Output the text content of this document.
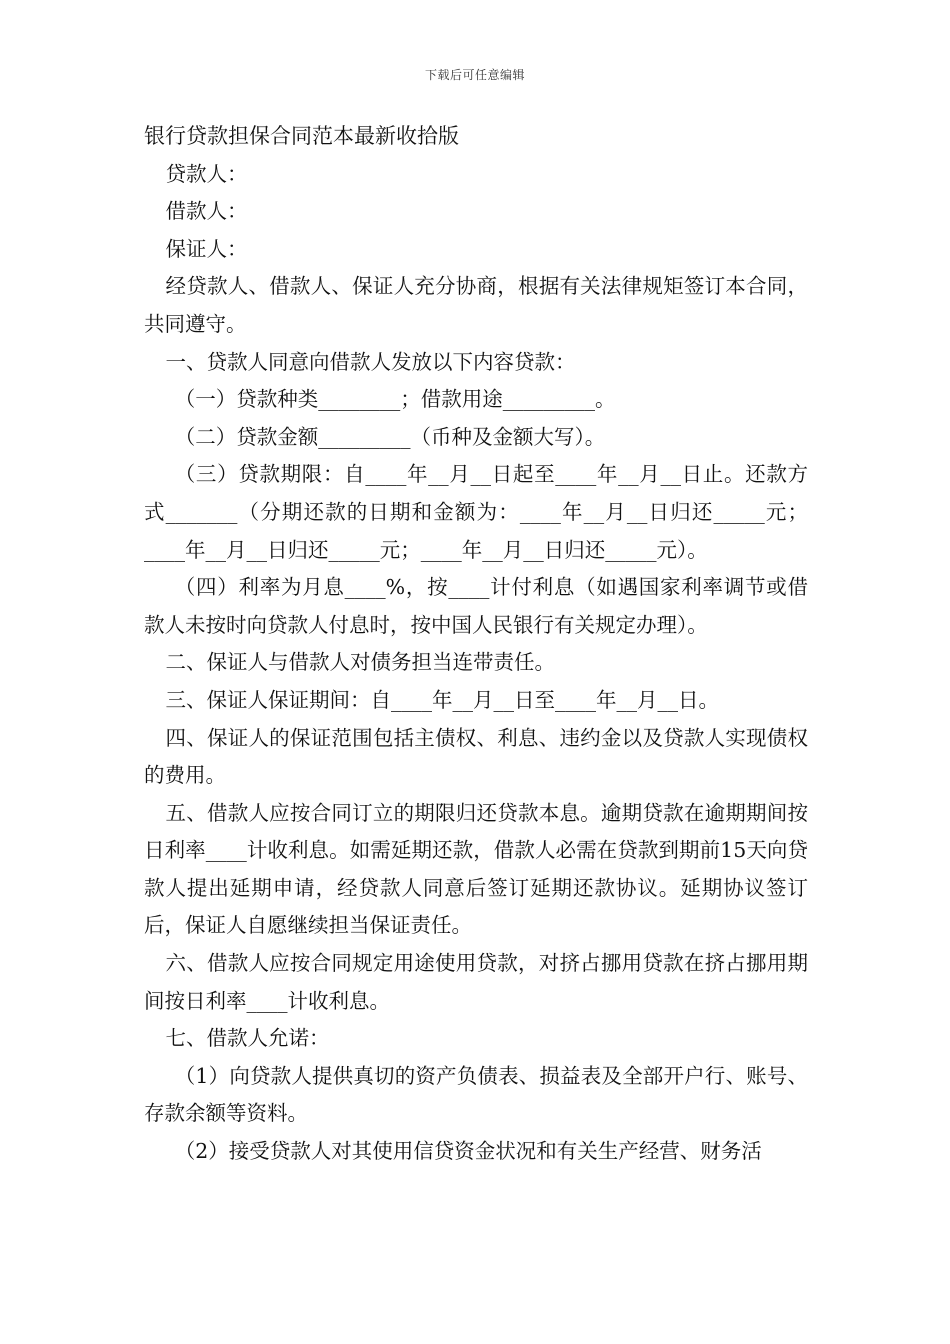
下载后可任意编辑

银行贷款担保合同范本最新收拾版

贷款人：

借款人：

保证人：

经贷款人、借款人、保证人充分协商，根据有关法律规矩签订本合同，共同遵守。

一、贷款人同意向借款人发放以下内容贷款：

（一）贷款种类________；借款用途_________。

（二）贷款金额_________（币种及金额大写）。

（三）贷款期限：自____年__月__日起至____年__月__日止。还款方式_______（分期还款的日期和金额为：____年__月__日归还_____元；____年__月__日归还_____元；____年__月__日归还_____元）。

（四）利率为月息____%，按____计付利息（如遇国家利率调节或借款人未按时向贷款人付息时，按中国人民银行有关规定办理）。

二、保证人与借款人对债务担当连带责任。

三、保证人保证期间：自____年__月__日至____年__月__日。

四、保证人的保证范围包括主债权、利息、违约金以及贷款人实现债权的费用。

五、借款人应按合同订立的期限归还贷款本息。逾期贷款在逾期期间按日利率____计收利息。如需延期还款，借款人必需在贷款到期前15天向贷款人提出延期申请，经贷款人同意后签订延期还款协议。延期协议签订后，保证人自愿继续担当保证责任。

六、借款人应按合同规定用途使用贷款，对挤占挪用贷款在挤占挪用期间按日利率____计收利息。

七、借款人允诺：

（1）向贷款人提供真切的资产负债表、损益表及全部开户行、账号、存款余额等资料。

（2）接受贷款人对其使用信贷资金状况和有关生产经营、财务活
